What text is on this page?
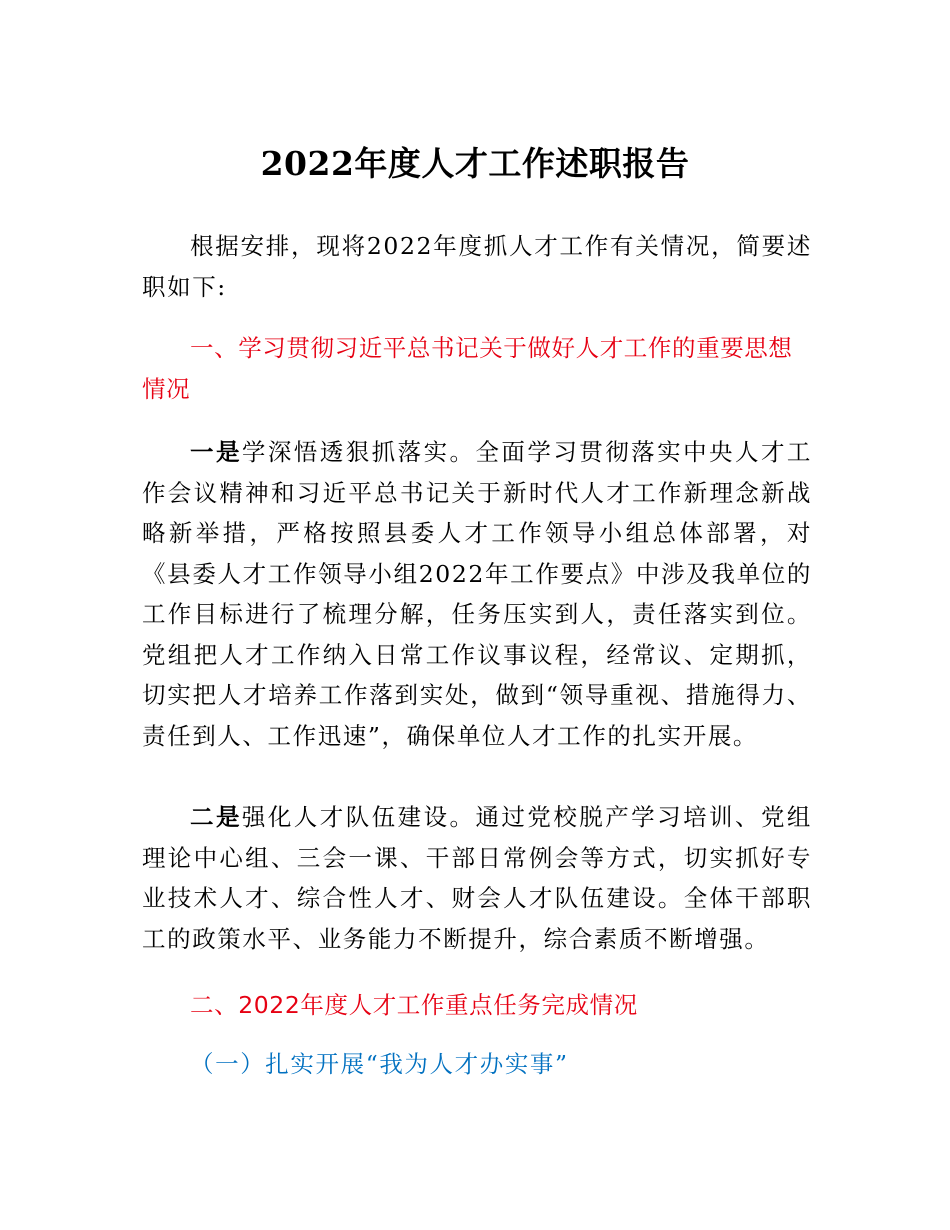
2022年度人才工作述职报告

根据安排，现将2022年度抓人才工作有关情况，简要述职如下:

一、学习贯彻习近平总书记关于做好人才工作的重要思想情况

一是学深悟透狠抓落实。全面学习贯彻落实中央人才工作会议精神和习近平总书记关于新时代人才工作新理念新战略新举措，严格按照县委人才工作领导小组总体部署，对《县委人才工作领导小组2022年工作要点》中涉及我单位的工作目标进行了梳理分解，任务压实到人，责任落实到位。党组把人才工作纳入日常工作议事议程，经常议、定期抓，切实把人才培养工作落到实处，做到“领导重视、措施得力、责任到人、工作迅速”，确保单位人才工作的扎实开展。

二是强化人才队伍建设。通过党校脱产学习培训、党组理论中心组、三会一课、干部日常例会等方式，切实抓好专业技术人才、综合性人才、财会人才队伍建设。全体干部职工的政策水平、业务能力不断提升，综合素质不断增强。

二、2022年度人才工作重点任务完成情况

（一）扎实开展“我为人才办实事”
